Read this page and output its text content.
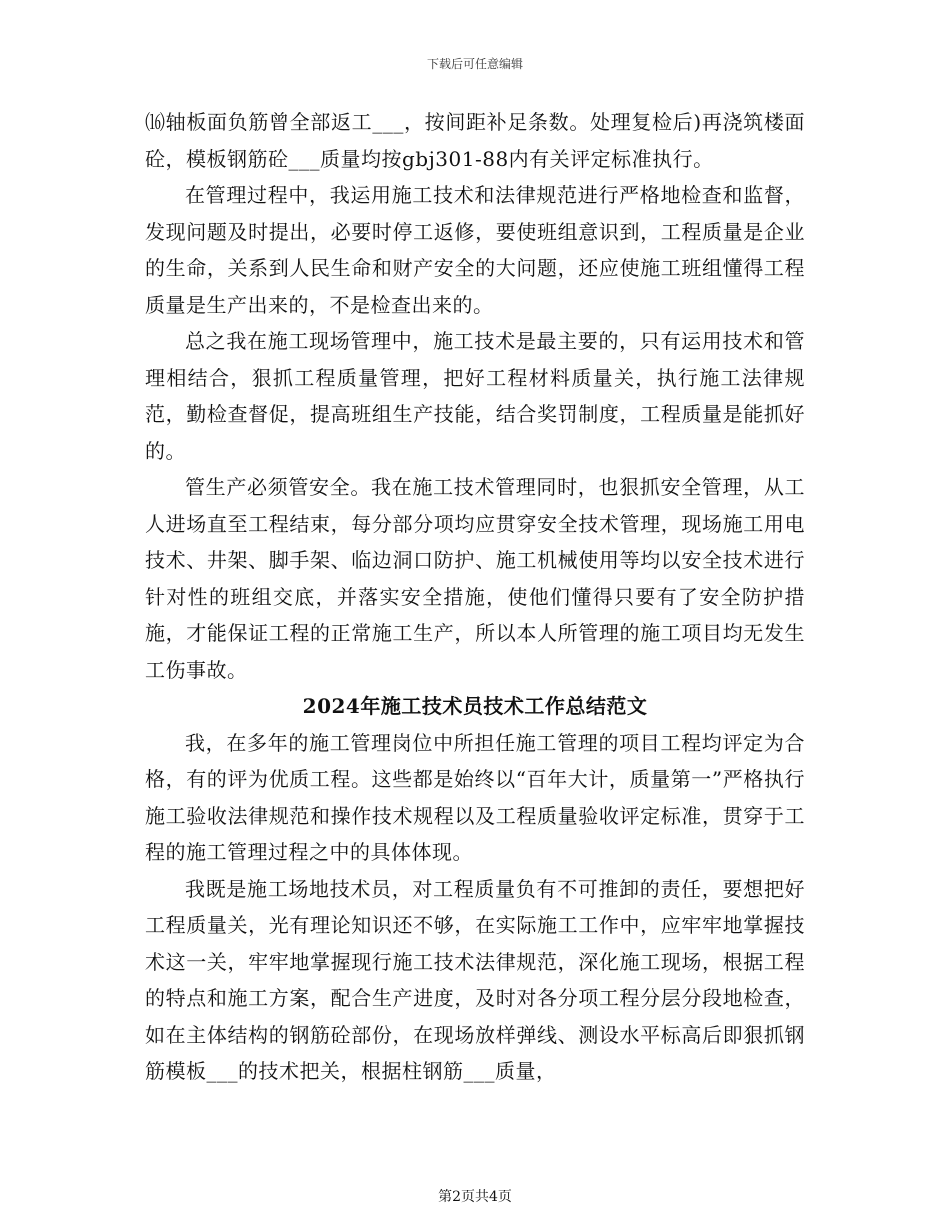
下载后可任意编辑

⒃轴板面负筋曾全部返工___，按间距补足条数。处理复检后)再浇筑楼面砼，模板钢筋砼___质量均按gbj301-88内有关评定标准执行。

在管理过程中，我运用施工技术和法律规范进行严格地检查和监督，发现问题及时提出，必要时停工返修，要使班组意识到，工程质量是企业的生命，关系到人民生命和财产安全的大问题，还应使施工班组懂得工程质量是生产出来的，不是检查出来的。

总之我在施工现场管理中，施工技术是最主要的，只有运用技术和管理相结合，狠抓工程质量管理，把好工程材料质量关，执行施工法律规范，勤检查督促，提高班组生产技能，结合奖罚制度，工程质量是能抓好的。

管生产必须管安全。我在施工技术管理同时，也狠抓安全管理，从工人进场直至工程结束，每分部分项均应贯穿安全技术管理，现场施工用电技术、井架、脚手架、临边洞口防护、施工机械使用等均以安全技术进行针对性的班组交底，并落实安全措施，使他们懂得只要有了安全防护措施，才能保证工程的正常施工生产，所以本人所管理的施工项目均无发生工伤事故。

2024年施工技术员技术工作总结范文

我，在多年的施工管理岗位中所担任施工管理的项目工程均评定为合格，有的评为优质工程。这些都是始终以“百年大计，质量第一”严格执行施工验收法律规范和操作技术规程以及工程质量验收评定标准，贯穿于工程的施工管理过程之中的具体体现。

我既是施工场地技术员，对工程质量负有不可推卸的责任，要想把好工程质量关，光有理论知识还不够，在实际施工工作中，应牢牢地掌握技术这一关，牢牢地掌握现行施工技术法律规范，深化施工现场，根据工程的特点和施工方案，配合生产进度，及时对各分项工程分层分段地检查，如在主体结构的钢筋砼部份，在现场放样弹线、测设水平标高后即狠抓钢筋模板___的技术把关，根据柱钢筋___质量，

第2页共4页
